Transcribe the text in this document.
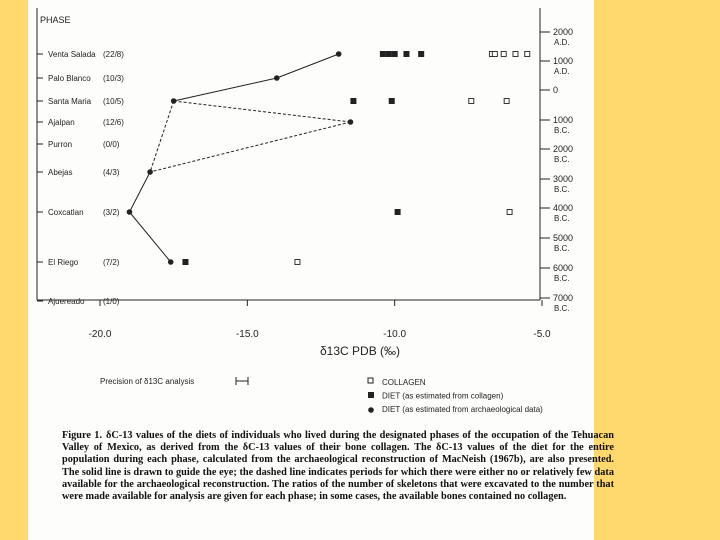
PHASE
Venta Salada (22/8)
Palo Blanco (10/3)
Santa Maria (10/5)
Ajalpan	(12/6)
Purron	(0/0)
Abejas	(4/3)
Coxcatlan (3/2)
El Riego	(7/2)
Ajuereado (1/0)
2000
A.D.
1000
A.D.
0
1000
B.C.
2000
B.C.
3000
B.C.
4000
B.C.
5000
B.C.
6000
B.C.
7000
B.C.
-20.0	-15.0	-10.0	-5.0
δ13C PDB (‰)
Precision of δ13C analysis	COLLAGEN
DIET (as estimated from collagen)
DIET (as estimated from archaeological data)
Figure 1. δC-13 values of the diets of individuals who lived during the designated phases of the occupation of the Tehuacan Valley of Mexico, as derived from the δC-13 values of their bone collagen. The δC-13 values of the diet for the entire population during each phase, calculated from the archaeological reconstruction of MacNeish (1967b), are also presented. The solid line is drawn to guide the eye; the dashed line indicates periods for which there were either no or relatively few data available for the archaeological reconstruction. The ratios of the number of skeletons that were excavated to the number that were made available for analysis are given for each phase; in some cases, the available bones contained no collagen.
